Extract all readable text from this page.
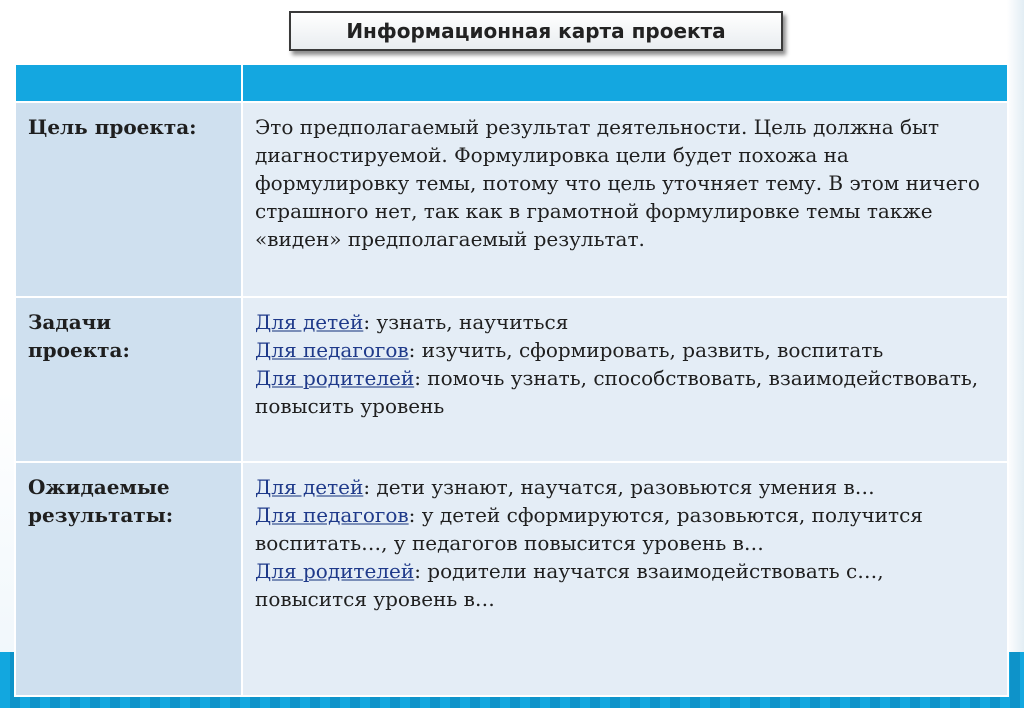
Информационная карта проекта

Цель проекта:	Это предполагаемый результат деятельности. Цель должна быт диагностируемой. Формулировка цели будет похожа на формулировку темы, потому что цель уточняет тему. В этом ничего страшного нет, так как в грамотной формулировке темы также «виден» предполагаемый результат.

Задачи
проекта:	Для детей: узнать, научиться
Для педагогов: изучить, сформировать, развить, воспитать
Для родителей: помочь узнать, способствовать, взаимодействовать, повысить уровень

Ожидаемые
результаты:	Для детей: дети узнают, научатся, разовьются умения в…
Для педагогов: у детей сформируются, разовьются, получится воспитать…, у педагогов повысится уровень в…
Для родителей: родители научатся взаимодействовать с…, повысится уровень в…
